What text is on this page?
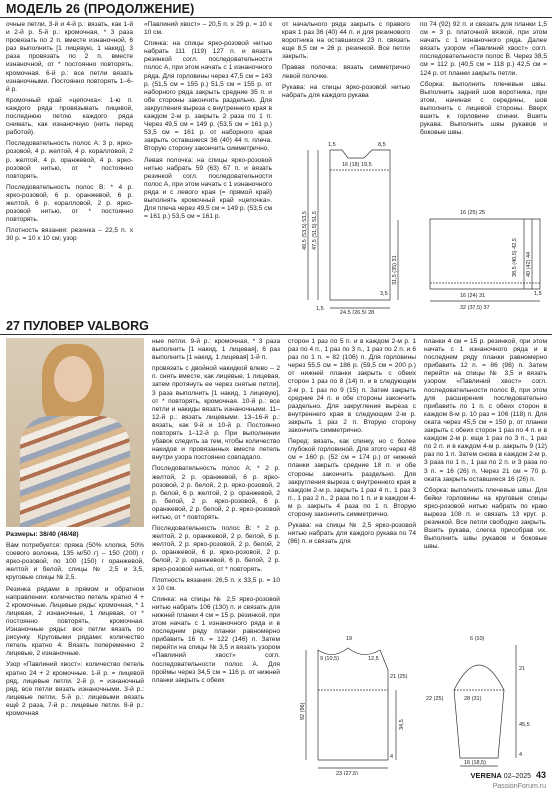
МОДЕЛЬ 26 (ПРОДОЛЖЕНИЕ)

очные петли, 3-й и 4-й р.: вязать, как 1-й и 2-й р. 5-й р.: кромочная, * 3 раза провязать по 2 п. вместе изнаночной, 6 раз выполнить [1 лицевую, 1 накид], 3 раза провязать по 2 п. вместе изнаночной, от * постоянно повторять, кромочная. 6-й р.: все петли вязать изнаночными. Постоянно повторять 1–6-й р.

Кромочный край «цепочка»: 1-ю п. каждого ряда провязывать лицевой, последнюю петлю каждого ряда снимать, как изнаночную (нить перед работой).

Последовательность полос А: 3 р. ярко-розовой, 4 р. желтой, 4 р. коралловой, 2 р. желтой, 4 р. оранжевой, 4 р. ярко-розовой нитью, от * постоянно повторять.

Последовательность полос В: * 4 р. ярко-розовой, 6 р. оранжевой, 6 р. желтой, 6 р. коралловой, 2 р. ярко-розовой нитью, от * постоянно повторять.

Плотность вязания: резинка – 22,5 п. x 30 р. = 10 x 10 см; узор

«Павлиний хвост» – 20,5 п. x 29 р. = 10 x 10 см.

Спинка: на спицы ярко-розовой нитью набрать 111 (119) 127 п. и вязать резинкой согл. последовательности полос А, при этом начать с 1 изнаночного ряда. Для горловины через 47,5 см = 143 р. (51,5 см = 155 р.) 51,5 см = 155 р. от наборного ряда закрыть средние 35 п. и обе стороны закончить раздельно. Для закругления выреза с внутреннего края в каждом 2-м р. закрыть 2 раза по 1 п. Через 49,5 см = 149 р. (53,5 см = 161 р.) 53,5 см = 161 р. от наборного края закрыть оставшиеся 36 (40) 44 п. плеча. Вторую сторону закончить симметрично.

Левая полочка: на спицы ярко-розовой нитью набрать 59 (63) 67 п. и вязать резинкой согл. последовательности полос А, при этом начать с 1 изнаночного ряда и с левого края (= прямой край) выполнять кромочный край «цепочка». Для плеча через 49,5 см = 149 р. (53,5 см = 161 р.) 53,5 см = 161 р.

от начального ряда закрыть с правого края 1 раз 36 (40) 44 п. и для резинового воротника на оставшихся 23 п. связать еще 8,5 см = 26 р. резинкой. Все петли закрыть.

Правая полочка: вязать симметрично левой полочке.

Рукава: на спицы ярко-розовой нитью набрать для каждого рукава

по 74 (92) 92 п. и связать для планки 1,5 см = 3 р. платочной вязкой, при этом начать с 1 изнаночного ряда. Далее вязать узором «Павлиний хвост» согл. последовательности полос В. Через 38,5 см = 112 р. (40,5 см = 118 р.) 42,5 см = 124 р. от планки закрыть петли.

Сборка: выполнить плечевые швы. Выполнить задний шов воротника, при этом, начиная с середины, шов выполнить с лицевой стороны. Вверх вшить к горловине спинки. Вшить рукава. Выполнить швы рукавов и боковые швы.

1,5	8,5
16 (18) 19,5
47,5 (51,5) 51,5
49,5 (53,5) 53,5
31,5 (35) 31
3,5
24,5 (26,5) 28
1,5
16 (25) 25
38,5 (40,5) 42,5 40 (42) 44
1,5
16 (24) 31
32 (37,5) 37
27 ПУЛОВЕР VALBORG

Размеры: 38/40 (46/48)

Вам потребуется: пряжа (50% хлопка, 50% соевого волокна, 135 м/50 г) – 150 (200) г ярко-розовой, по 100 (150) г оранжевой, желтой и белой, спицы № 2,5 и 3,5, круговые спицы № 2,5.

Резинка рядами в прямом и обратном направлении: количество петель кратно 4 + 2 кромочные. Лицевые ряды: кромочная, * 1 лицевая, 2 изнаночные, 1 лицевая, от * постоянно повторять, кромочная. Изнаночные ряды: все петли вязать по рисунку. Круговыми рядами: количество петель кратно 4. Вязать попеременно 2 лицевые, 2 изнаночные.

Узор «Павлиний хвост»: количество петель кратно 24 + 2 кромочные. 1-й р. = лицевой ряд, лицевые петли. 2-й р. = изнаночный ряд, все петли вязать изнаночными. 3-й р.: лицевые петли, 5-й р.: лицевыми вязать ещё 2 раза, 7-й р.: лицевые петли. 8-й р.: кромочная

ные петли. 9-й р.: кромочная, * 3 раза выполнить [1 накид, 1 лицевая], 6 раз выполнить [1 накид, 1 лицевая] 1-й п.

провязать с двойной накидкой влево – 2 п. снять вместе, как лицевые, 1 лицевая, затем протянуть ее через снятые петли], 3 раза выполнить [1 накид, 1 лицевую], от * повторять, кромочная. 10-й р.: все петли и накиды вязать изнаночными. 11–12-й р.: вязать лицевыми. 13–16-й р.: вязать, как 9-й и 10-й р. Постоянно повторять 1–12-й р. При выполнении убавок следить за тем, чтобы количество накидов и провязанных вместе петель внутри узора постоянно совпадало.

Последовательность полос А: * 2 р. желтой, 2 р. оранжевой, 6 р. ярко-розовой, 2 р. белой, 2 р. ярко-розовой, 2 р. белой, 6 р. желтой, 2 р. оранжевой, 2 р. белой, 2 р. ярко-розовой, 6 р. оранжевой, 2 р. белой, 2 р. ярко-розовой нитью, от * повторять.

Последовательность полос В: * 2 р. желтой, 2 р. оранжевой, 2 р. белой, 6 р. желтой, 2 р. ярко-розовой, 2 р. белой, 2 р. оранжевой, 6 р. ярко-розовой, 2 р. белой, 2 р. оранжевой, 6 р. белой, 2 р. ярко-розовой нитью, от * повторять.

Плотность вязания: 26,5 п. x 33,5 р. = 10 x 10 см.

Спинка: на спицы № 2,5 ярко-розовой нитью набрать 106 (130) п. и связать для нижней планки 4 см = 15 р. резинкой, при этом начать с 1 изнаночного ряда и в последнем ряду планки равномерно прибавить 16 п. = 122 (146) п. Затем перейти на спицы № 3,5 и вязать узором «Павлиний хвост» согл. последовательности полос А. Для проймы через 34,5 см = 116 р. от нижней планки закрыть с обеих

сторон 1 раз по 5 п. и в каждом 2-м р. 1 раз по 4 п., 1 раз по 3 п., 1 раз по 2 п. и 6 раз по 1 п. = 82 (106) п. Для горловины через 55,5 см = 186 р. (59,5 см = 200 р.) от нижней планки закрыть с обеих сторон 1 раз по 8 (14) п. и в следующем 2-м р. 1 раз по 9 (15) п. Затем закрыть средние 24 п. и обе стороны закончить раздельно. Для закругления выреза с внутреннего края в следующем 2-м р. закрыть 1 раз 2 п. Вторую сторону закончить симметрично.

Перед: вязать, как спинку, но с более глубокой горловиной. Для этого через 48 см = 160 р. (52 см = 174 р.) от нижней планки закрыть средние 18 п. и обе стороны закончить раздельно. Для закругления выреза с внутреннего края в каждом 2-м р. закрыть 1 раз 4 п., 1 раз 3 п., 1 раз 2 п., 2 раза по 1 п. и в каждом 4-м р. закрыть 4 раза по 1 п. Вторую сторону закончить симметрично.

Рукава: на спицы № 2,5 ярко-розовой нитью набрать для каждого рукава по 74 (86) п. и связать для

планки 4 см = 15 р. резинкой, при этом начать с 1 изнаночного ряда и в последнем ряду планки равномерно прибавить 12 п. = 86 (98) п. Затем перейти на спицы № 3,5 и вязать узором «Павлиний хвост» согл. последовательности полос В, при этом для расширения последовательно прибавить по 1 п. с обеих сторон в каждом 8-м р. 10 раз = 106 (118) п. Для оката через 45,5 см = 150 р. от планки закрыть с обеих сторон 1 раз по 4 п. и в каждом 2-м р. еще 1 раз по 3 п., 1 раз по 2 п. и в каждом 4-м р. закрыть 9 (12) раз по 1 п. Затем снова в каждом 2-м р. 3 раза по 1 п., 1 раз по 2 п. и 3 раза по 3 п. = 16 (26) п. Через 21 см = 70 р. оката закрыть оставшиеся 16 (26) п.

Сборка: выполнить плечевые швы. Для бейки горловины на круговые спицы ярко-розовой нитью набрать по краю выреза 108 п. и связать 13 круг. р. резинкой. Все петли свободно закрыть. Вшить рукава, слегка присобрав их. Выполнить швы рукавов и боковые швы.

19
92 (96)
21 (25)
34,5
4
23 (27,5)
9 (10,5)	12,5
6 (10)
21
45,5
4
16 (18,5)
22 (25)	28 (31)
VERENA 02–2025 43
PassionForum.ru
